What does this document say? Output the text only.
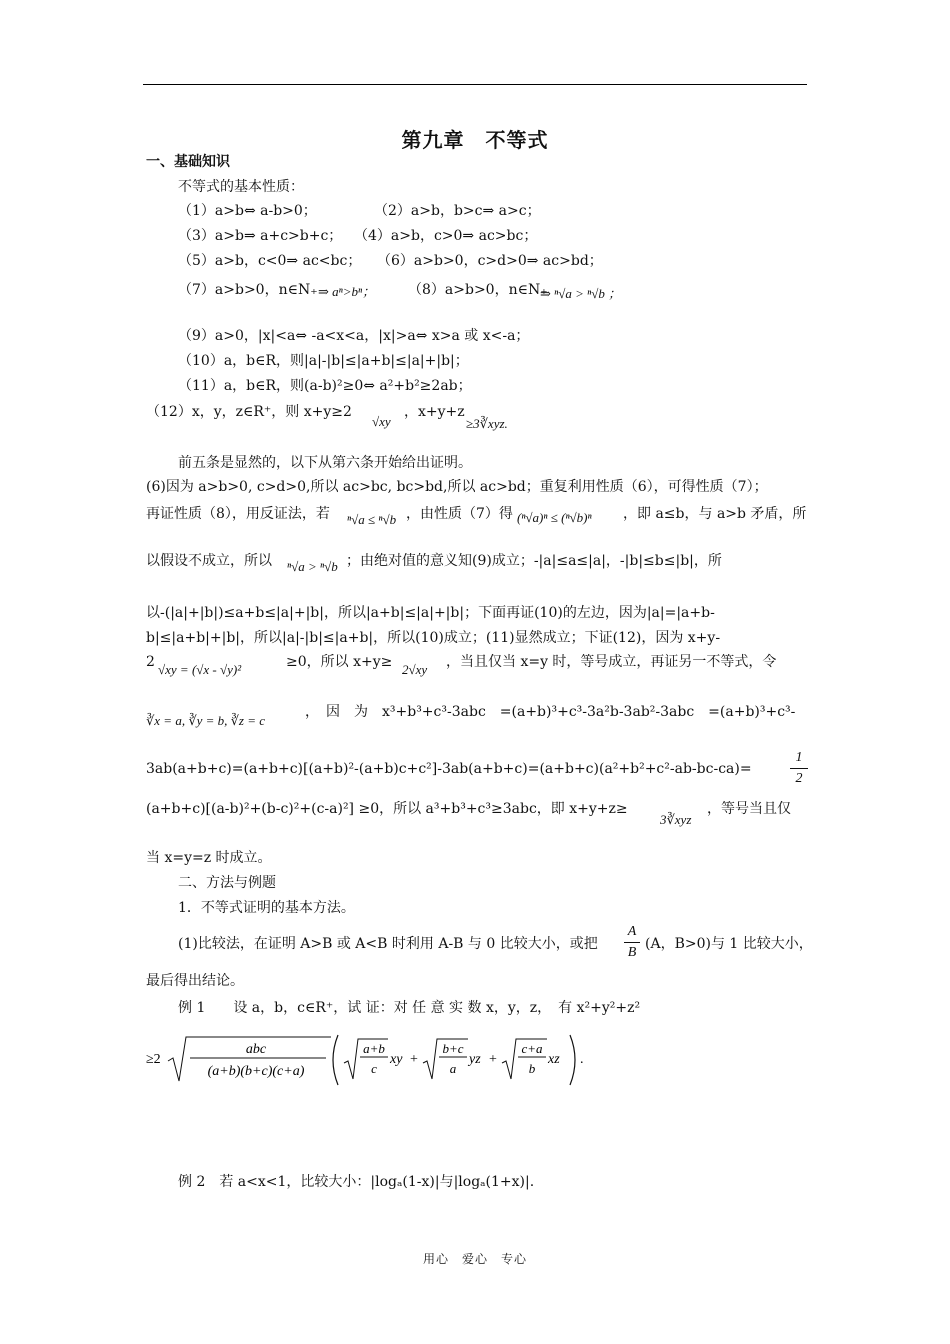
第九章　不等式
一、基础知识
不等式的基本性质：
（1）a>b⇔ a-b>0；	（2）a>b，b>c⇒ a>c；
（3）a>b⇒ a+c>b+c； （4）a>b，c>0⇒ ac>bc；
（5）a>b，c<0⇒ ac<bc； （6）a>b>0，c>d>0⇒ ac>bd；
（7）a>b>0，n∈N₊ ⇒ aⁿ>bⁿ； （8）a>b>0，n∈N₊
⇒ ⁿ√a > ⁿ√b ；
（9）a>0，|x|<a⇔ -a<x<a，|x|>a⇔ x>a 或 x<-a；
（10）a，b∈R，则|a|-|b|≤|a+b|≤|a|+|b|；
（11）a，b∈R，则(a-b)²≥0⇔ a²+b²≥2ab；
（12）x，y，z∈R⁺，则 x+y≥2
√xy
，x+y+z
≥3∛xyz.
前五条是显然的，以下从第六条开始给出证明。
(6)因为 a>b>0, c>d>0,所以 ac>bc, bc>bd,所以 ac>bd；重复利用性质（6），可得性质（7）；
再证性质（8），用反证法，若 ⁿ√a ≤ ⁿ√b ，由性质（7）得 (ⁿ√a)ⁿ ≤ (ⁿ√b)ⁿ ，即 a≤b，与 a>b 矛盾，所
以假设不成立，所以 ⁿ√a > ⁿ√b ；由绝对值的意义知(9)成立；-|a|≤a≤|a|，-|b|≤b≤|b|，所
以-(|a|+|b|)≤a+b≤|a|+|b|，所以|a+b|≤|a|+|b|；下面再证(10)的左边，因为|a|=|a+b-
b|≤|a+b|+|b|，所以|a|-|b|≤|a+b|，所以(10)成立；(11)显然成立；下证(12)，因为 x+y-
2 √xy = (√x - √y)²	≥0，所以 x+y≥ 2√xy ，当且仅当 x=y 时，等号成立，再证另一不等式，令
∛x = a, ∛y = b, ∛z = c
，　因　为　x³+b³+c³-3abc　=(a+b)³+c³-3a²b-3ab²-3abc　=(a+b)³+c³-
3ab(a+b+c)=(a+b+c)[(a+b)²-(a+b)c+c²]-3ab(a+b+c)=(a+b+c)(a²+b²+c²-ab-bc-ca)=
1
2
(a+b+c)[(a-b)²+(b-c)²+(c-a)²] ≥0，所以 a³+b³+c³≥3abc，即 x+y+z≥
3∛xyz
，等号当且仅
当 x=y=z 时成立。
二、方法与例题
1．不等式证明的基本方法。
(1)比较法，在证明 A>B 或 A<B 时利用 A-B 与 0 比较大小，或把
A
B
(A，B>0)与 1 比较大小，
最后得出结论。
例 1　　设 a，b，c∈R⁺，试 证：对 任 意 实 数 x，y，z，　有 x²+y²+z²
≥2
abc
(a+b)(b+c)(c+a)
a+b
c
xy +
b+c
a
yz +
c+a
b
xz .
例 2　若 a<x<1，比较大小：|logₐ(1-x)|与|logₐ(1+x)|.
用心　爱心　专心
